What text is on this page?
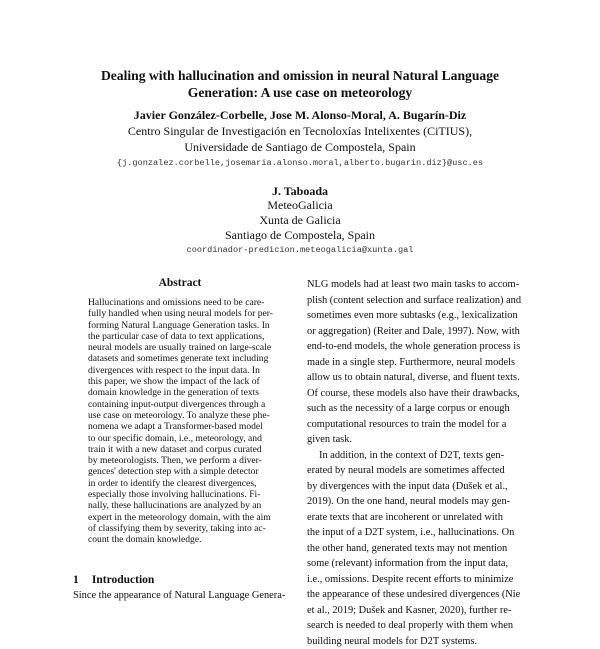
Dealing with hallucination and omission in neural Natural Language
Generation: A use case on meteorology
Javier González-Corbelle, Jose M. Alonso-Moral, A. Bugarín-Diz
Centro Singular de Investigación en Tecnoloxías Intelixentes (CiTIUS),
Universidade de Santiago de Compostela, Spain
{j.gonzalez.corbelle,josemaria.alonso.moral,alberto.bugarin.diz}@usc.es
J. Taboada
MeteoGalicia
Xunta de Galicia
Santiago de Compostela, Spain
coordinador-predicion.meteogalicia@xunta.gal
Abstract
Hallucinations and omissions need to be care-
fully handled when using neural models for per-
forming Natural Language Generation tasks. In
the particular case of data to text applications,
neural models are usually trained on large-scale
datasets and sometimes generate text including
divergences with respect to the input data. In
this paper, we show the impact of the lack of
domain knowledge in the generation of texts
containing input-output divergences through a
use case on meteorology. To analyze these phe-
nomena we adapt a Transformer-based model
to our specific domain, i.e., meteorology, and
train it with a new dataset and corpus curated
by meteorologists. Then, we perform a diver-
gences' detection step with a simple detector
in order to identify the clearest divergences,
especially those involving hallucinations. Fi-
nally, these hallucinations are analyzed by an
expert in the meteorology domain, with the aim
of classifying them by severity, taking into ac-
count the domain knowledge.
1 Introduction
Since the appearance of Natural Language Genera-
NLG models had at least two main tasks to accom-
plish (content selection and surface realization) and
sometimes even more subtasks (e.g., lexicalization
or aggregation) (Reiter and Dale, 1997). Now, with
end-to-end models, the whole generation process is
made in a single step. Furthermore, neural models
allow us to obtain natural, diverse, and fluent texts.
Of course, these models also have their drawbacks,
such as the necessity of a large corpus or enough
computational resources to train the model for a
given task.
In addition, in the context of D2T, texts gen-
erated by neural models are sometimes affected
by divergences with the input data (Dušek et al.,
2019). On the one hand, neural models may gen-
erate texts that are incoherent or unrelated with
the input of a D2T system, i.e., hallucinations. On
the other hand, generated texts may not mention
some (relevant) information from the input data,
i.e., omissions. Despite recent efforts to minimize
the appearance of these undesired divergences (Nie
et al., 2019; Dušek and Kasner, 2020), further re-
search is needed to deal properly with them when
building neural models for D2T systems.
